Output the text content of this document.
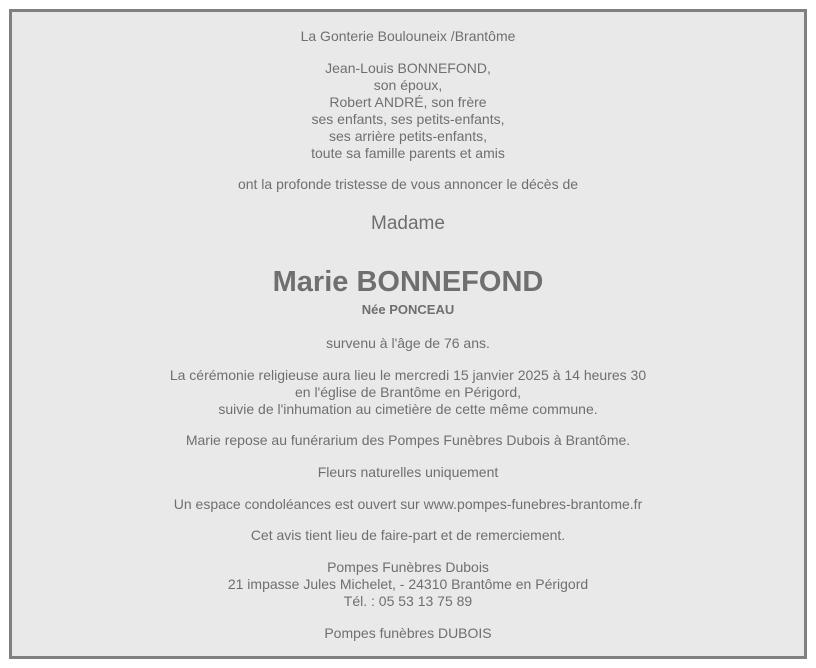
La Gonterie Boulouneix /Brantôme
Jean-Louis BONNEFOND,
son époux,
Robert ANDRÉ, son frère
ses enfants, ses petits-enfants,
ses arrière petits-enfants,
toute sa famille parents et amis
ont la profonde tristesse de vous annoncer le décès de
Madame
Marie BONNEFOND
Née PONCEAU
survenu à l'âge de 76 ans.
La cérémonie religieuse aura lieu le mercredi 15 janvier 2025 à 14 heures 30
en l'église de Brantôme en Périgord,
suivie de l'inhumation au cimetière de cette même commune.
Marie repose au funérarium des Pompes Funèbres Dubois à Brantôme.
Fleurs naturelles uniquement
Un espace condoléances est ouvert sur www.pompes-funebres-brantome.fr
Cet avis tient lieu de faire-part et de remerciement.
Pompes Funèbres Dubois
21 impasse Jules Michelet, - 24310 Brantôme en Périgord
Tél. : 05 53 13 75 89
Pompes funèbres DUBOIS
